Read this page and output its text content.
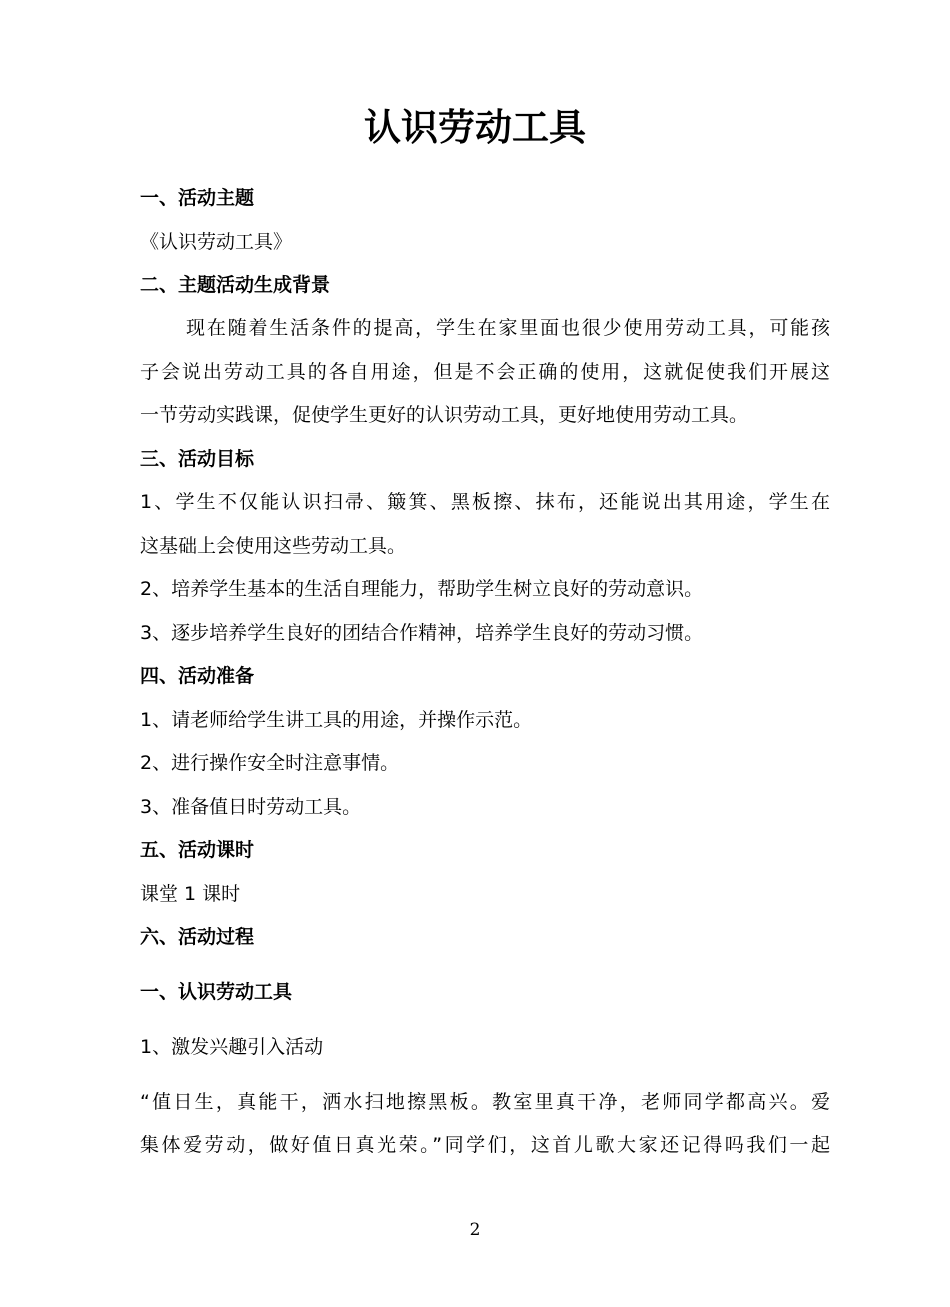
认识劳动工具

一、活动主题

《认识劳动工具》

二、主题活动生成背景

现在随着生活条件的提高，学生在家里面也很少使用劳动工具，可能孩

子会说出劳动工具的各自用途，但是不会正确的使用，这就促使我们开展这

一节劳动实践课，促使学生更好的认识劳动工具，更好地使用劳动工具。

三、活动目标

1、学生不仅能认识扫帚、簸箕、黑板擦、抹布，还能说出其用途，学生在

这基础上会使用这些劳动工具。

2、培养学生基本的生活自理能力，帮助学生树立良好的劳动意识。

3、逐步培养学生良好的团结合作精神，培养学生良好的劳动习惯。

四、活动准备

1、请老师给学生讲工具的用途，并操作示范。

2、进行操作安全时注意事情。

3、准备值日时劳动工具。

五、活动课时

课堂 1 课时

六、活动过程

一、认识劳动工具

1、激发兴趣引入活动

“值日生，真能干，洒水扫地擦黑板。教室里真干净，老师同学都高兴。爱

集体爱劳动，做好值日真光荣。”同学们，这首儿歌大家还记得吗我们一起

2
